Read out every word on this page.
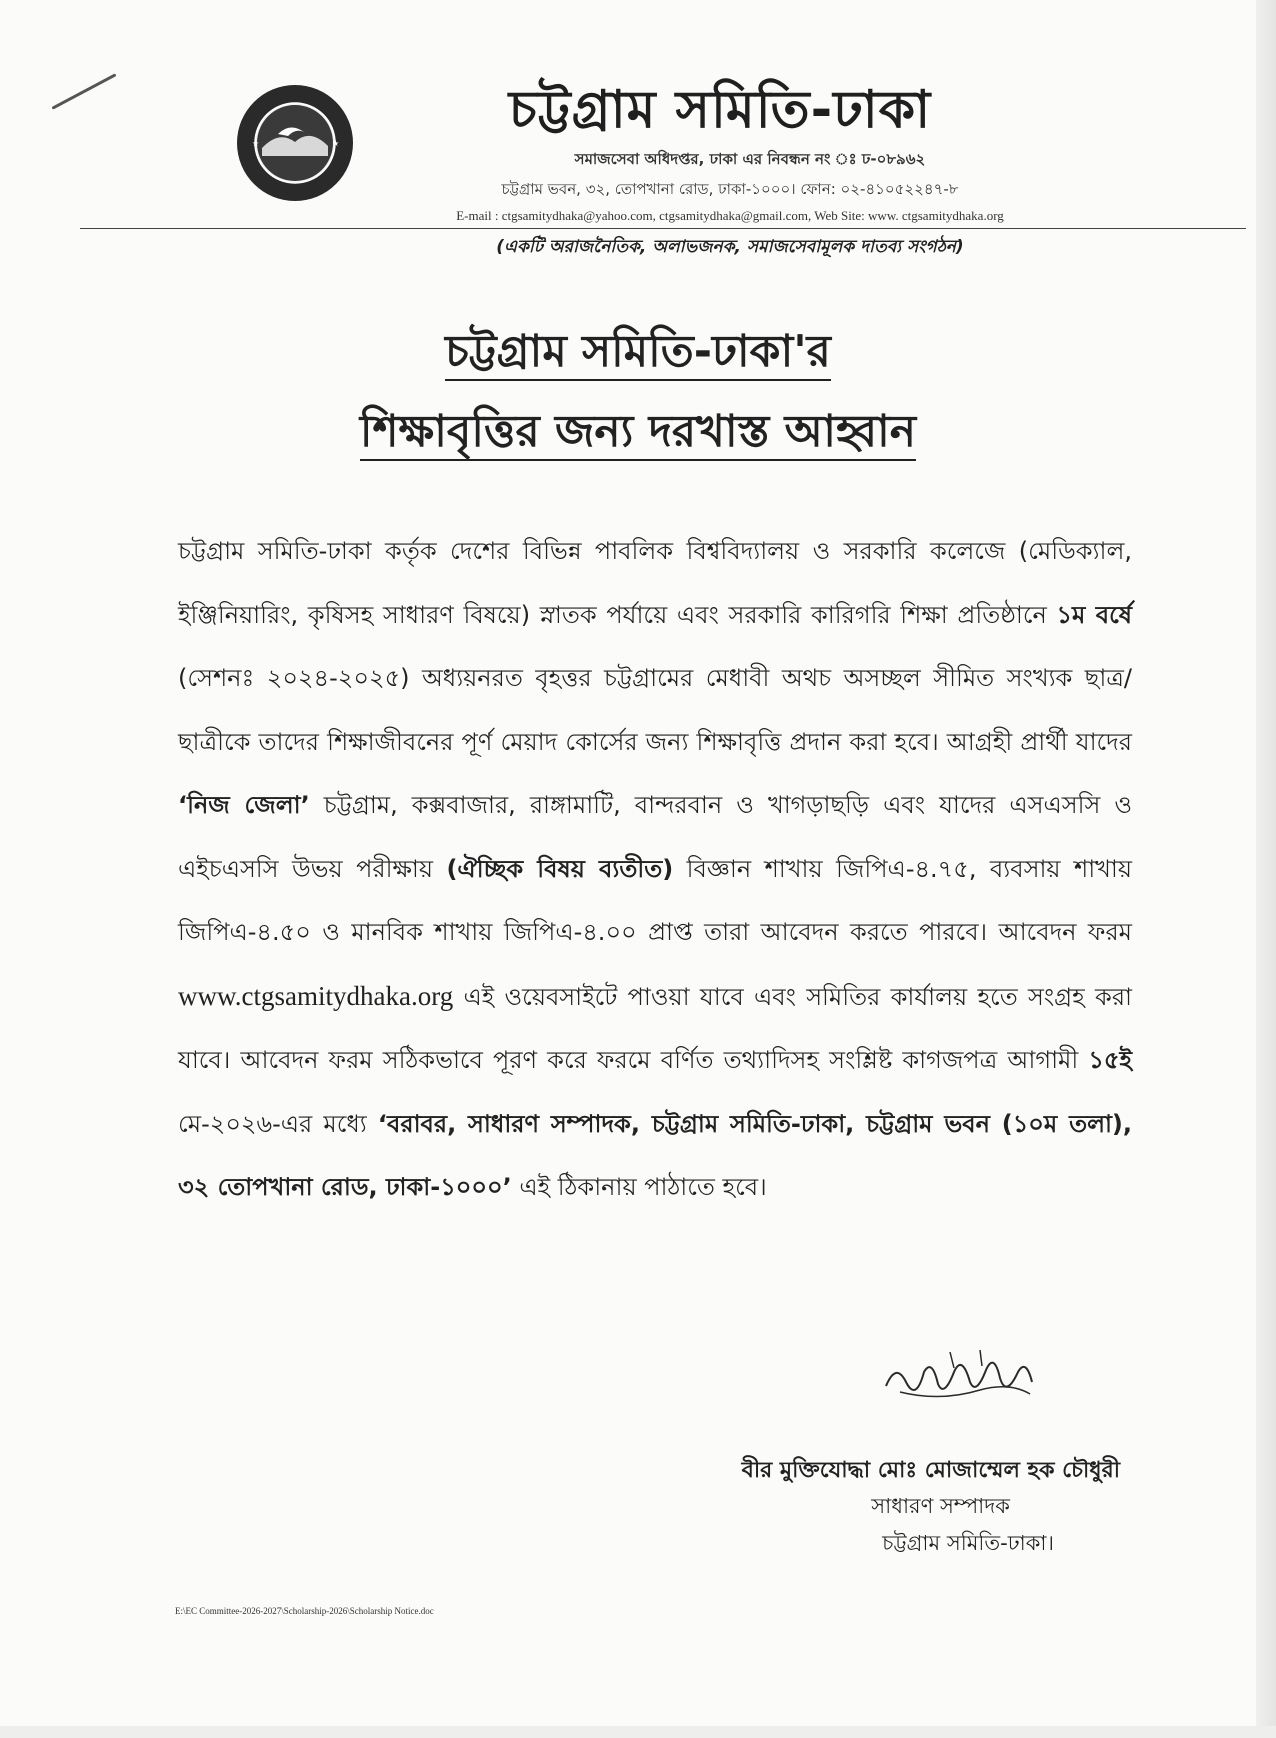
★	★
চট্টগ্রাম সমিতি-ঢাকা
সমাজসেবা অধিদপ্তর, ঢাকা এর নিবন্ধন নং ঃ ঢ-০৮৯৬২
চট্টগ্রাম ভবন, ৩২, তোপখানা রোড, ঢাকা-১০০০। ফোন: ০২-৪১০৫২২৪৭-৮
E-mail : ctgsamitydhaka@yahoo.com, ctgsamitydhaka@gmail.com, Web Site: www. ctgsamitydhaka.org
(একটি অরাজনৈতিক, অলাভজনক, সমাজসেবামূলক দাতব্য সংগঠন)
চট্টগ্রাম সমিতি-ঢাকা'র
শিক্ষাবৃত্তির জন্য দরখাস্ত আহ্বান
চট্টগ্রাম সমিতি-ঢাকা কর্তৃক দেশের বিভিন্ন পাবলিক বিশ্ববিদ্যালয় ও সরকারি কলেজে (মেডিক্যাল, ইঞ্জিনিয়ারিং, কৃষিসহ সাধারণ বিষয়ে) স্নাতক পর্যায়ে এবং সরকারি কারিগরি শিক্ষা প্রতিষ্ঠানে ১ম বর্ষে (সেশনঃ ২০২৪-২০২৫) অধ্যয়নরত বৃহত্তর চট্টগ্রামের মেধাবী অথচ অসচ্ছল সীমিত সংখ্যক ছাত্র/ছাত্রীকে তাদের শিক্ষাজীবনের পূর্ণ মেয়াদ কোর্সের জন্য শিক্ষাবৃত্তি প্রদান করা হবে। আগ্রহী প্রার্থী যাদের ‘নিজ জেলা’ চট্টগ্রাম, কক্সবাজার, রাঙ্গামাটি, বান্দরবান ও খাগড়াছড়ি এবং যাদের এসএসসি ও এইচএসসি উভয় পরীক্ষায় (ঐচ্ছিক বিষয় ব্যতীত) বিজ্ঞান শাখায় জিপিএ-৪.৭৫, ব্যবসায় শাখায় জিপিএ-৪.৫০ ও মানবিক শাখায় জিপিএ-৪.০০ প্রাপ্ত তারা আবেদন করতে পারবে। আবেদন ফরম www.ctgsamitydhaka.org এই ওয়েবসাইটে পাওয়া যাবে এবং সমিতির কার্যালয় হতে সংগ্রহ করা যাবে। আবেদন ফরম সঠিকভাবে পূরণ করে ফরমে বর্ণিত তথ্যাদিসহ সংশ্লিষ্ট কাগজপত্র আগামী ১৫ই মে-২০২৬-এর মধ্যে ‘বরাবর, সাধারণ সম্পাদক, চট্টগ্রাম সমিতি-ঢাকা, চট্টগ্রাম ভবন (১০ম তলা), ৩২ তোপখানা রোড, ঢাকা-১০০০’ এই ঠিকানায় পাঠাতে হবে।
বীর মুক্তিযোদ্ধা মোঃ মোজাম্মেল হক চৌধুরী
সাধারণ সম্পাদক
চট্টগ্রাম সমিতি-ঢাকা।
E:\EC Committee-2026-2027\Scholarship-2026\Scholarship Notice.doc
